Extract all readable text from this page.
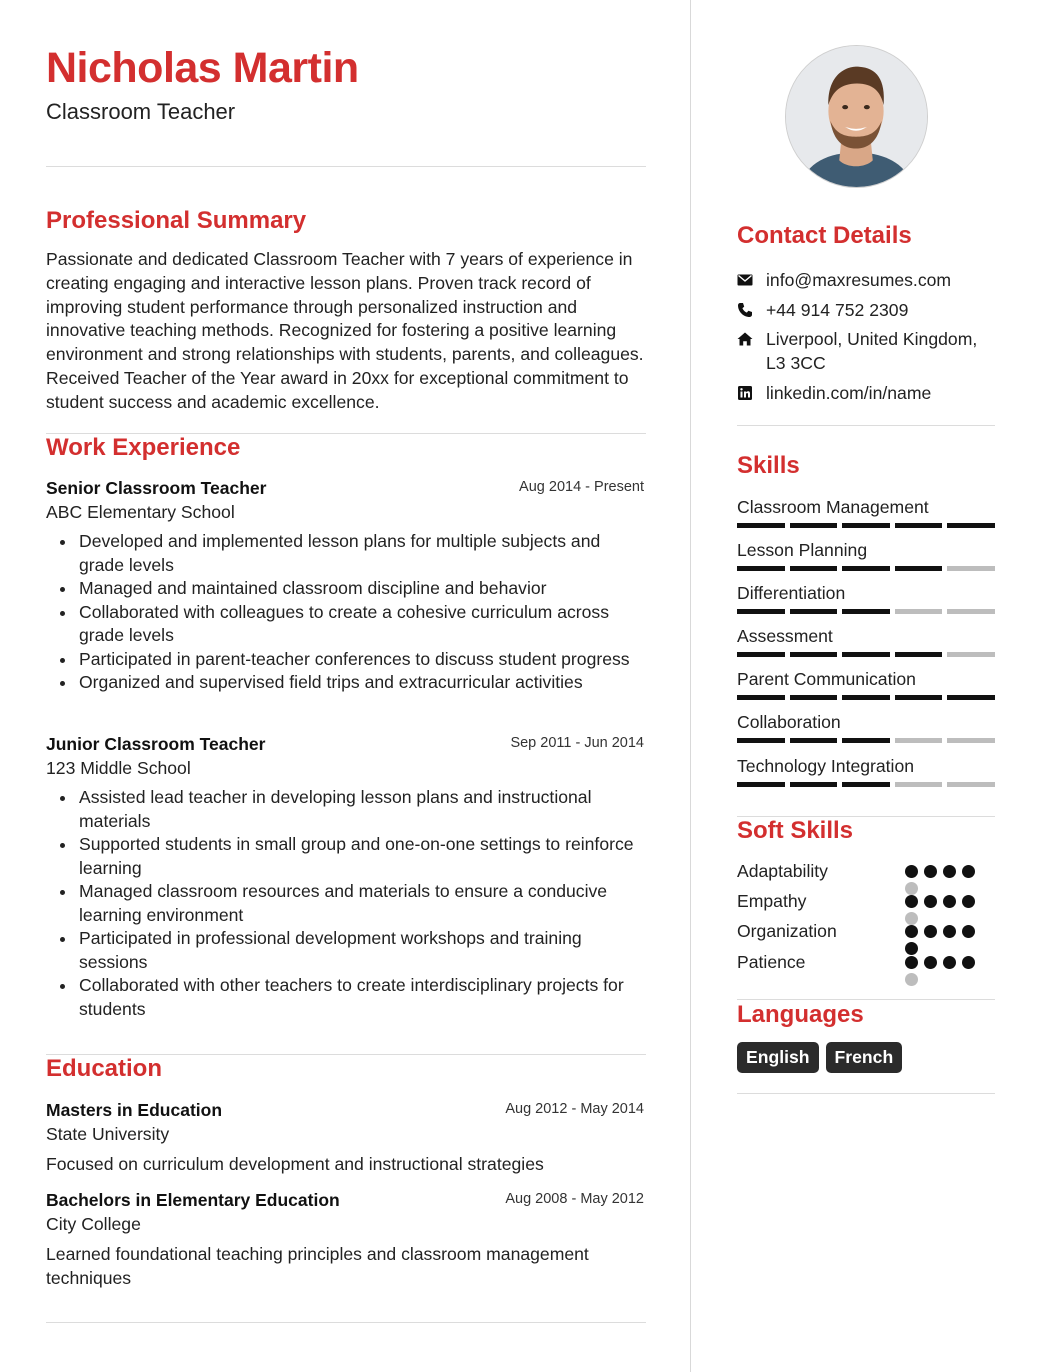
Nicholas Martin
Classroom Teacher
Professional Summary
Passionate and dedicated Classroom Teacher with 7 years of experience in creating engaging and interactive lesson plans. Proven track record of improving student performance through personalized instruction and innovative teaching methods. Recognized for fostering a positive learning environment and strong relationships with students, parents, and colleagues. Received Teacher of the Year award in 20xx for exceptional commitment to student success and academic excellence.
Work Experience
Senior Classroom Teacher	Aug 2014 - Present
ABC Elementary School
Developed and implemented lesson plans for multiple subjects and grade levels
Managed and maintained classroom discipline and behavior
Collaborated with colleagues to create a cohesive curriculum across grade levels
Participated in parent-teacher conferences to discuss student progress
Organized and supervised field trips and extracurricular activities
Junior Classroom Teacher	Sep 2011 - Jun 2014
123 Middle School
Assisted lead teacher in developing lesson plans and instructional materials
Supported students in small group and one-on-one settings to reinforce learning
Managed classroom resources and materials to ensure a conducive learning environment
Participated in professional development workshops and training sessions
Collaborated with other teachers to create interdisciplinary projects for students
Education
Masters in Education	Aug 2012 - May 2014
State University
Focused on curriculum development and instructional strategies
Bachelors in Elementary Education	Aug 2008 - May 2012
City College
Learned foundational teaching principles and classroom management techniques
Contact Details
info@maxresumes.com
+44 914 752 2309
Liverpool, United Kingdom, L3 3CC
linkedin.com/in/name
Skills
Classroom Management
Lesson Planning
Differentiation
Assessment
Parent Communication
Collaboration
Technology Integration
Soft Skills
Adaptability
Empathy
Organization
Patience
Languages
English	French
